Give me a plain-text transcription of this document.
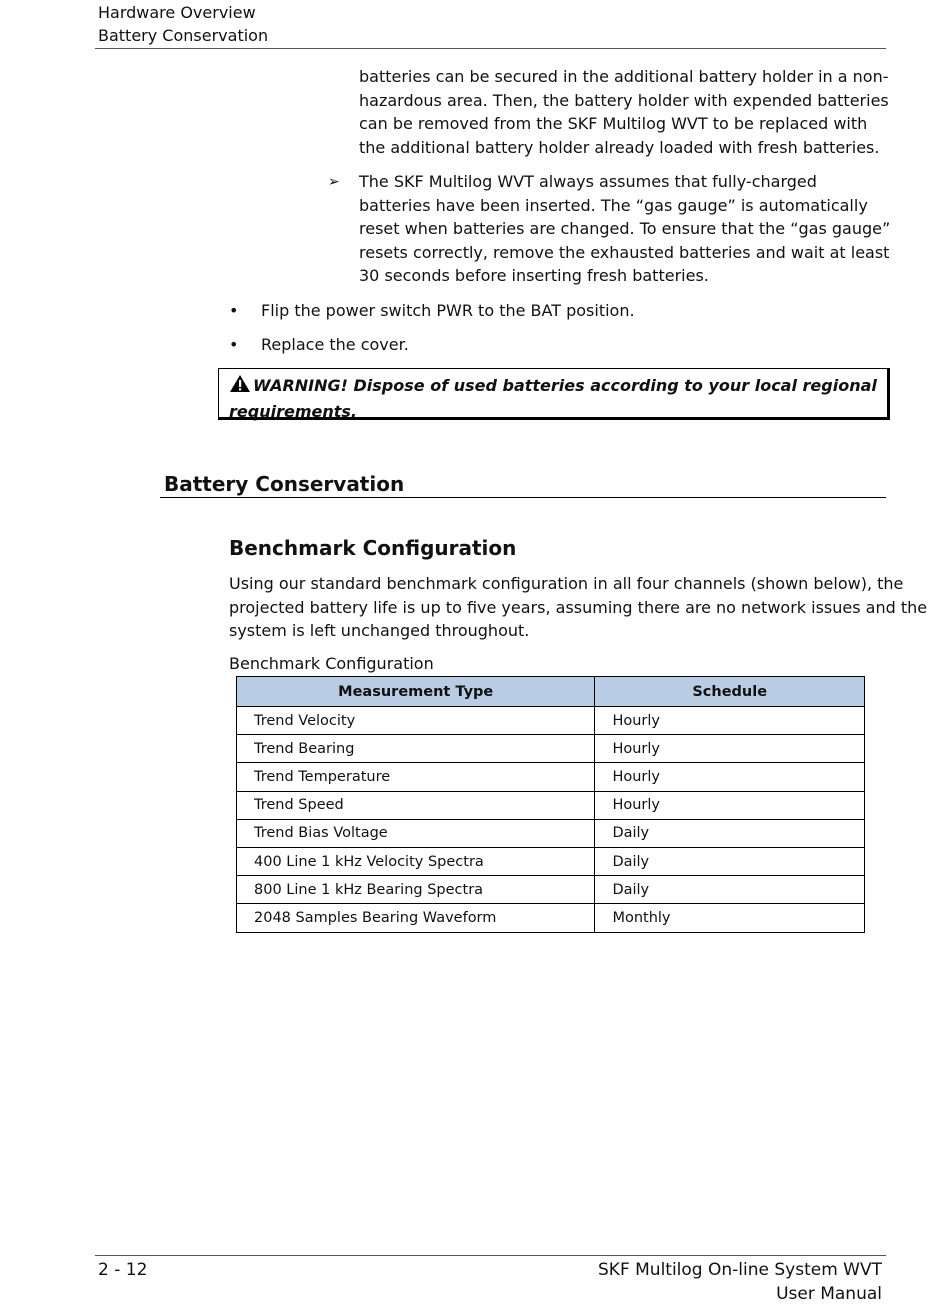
Hardware Overview
Battery Conservation
batteries can be secured in the additional battery holder in a non-
hazardous area. Then, the battery holder with expended batteries
can be removed from the SKF Multilog WVT to be replaced with
the additional battery holder already loaded with fresh batteries.
➢ The SKF Multilog WVT always assumes that fully-charged
batteries have been inserted. The “gas gauge” is automatically
reset when batteries are changed. To ensure that the “gas gauge”
resets correctly, remove the exhausted batteries and wait at least
30 seconds before inserting fresh batteries.
• Flip the power switch PWR to the BAT position.
• Replace the cover.
WARNING! Dispose of used batteries according to your local regional
requirements.
Battery Conservation
Benchmark Configuration
Using our standard benchmark configuration in all four channels (shown below), the
projected battery life is up to five years, assuming there are no network issues and the
system is left unchanged throughout.
Benchmark Configuration
Measurement Type	Schedule
Trend Velocity	Hourly
Trend Bearing	Hourly
Trend Temperature	Hourly
Trend Speed	Hourly
Trend Bias Voltage	Daily
400 Line 1 kHz Velocity Spectra	Daily
800 Line 1 kHz Bearing Spectra	Daily
2048 Samples Bearing Waveform	Monthly
2 - 12	SKF Multilog On-line System WVT
User Manual
